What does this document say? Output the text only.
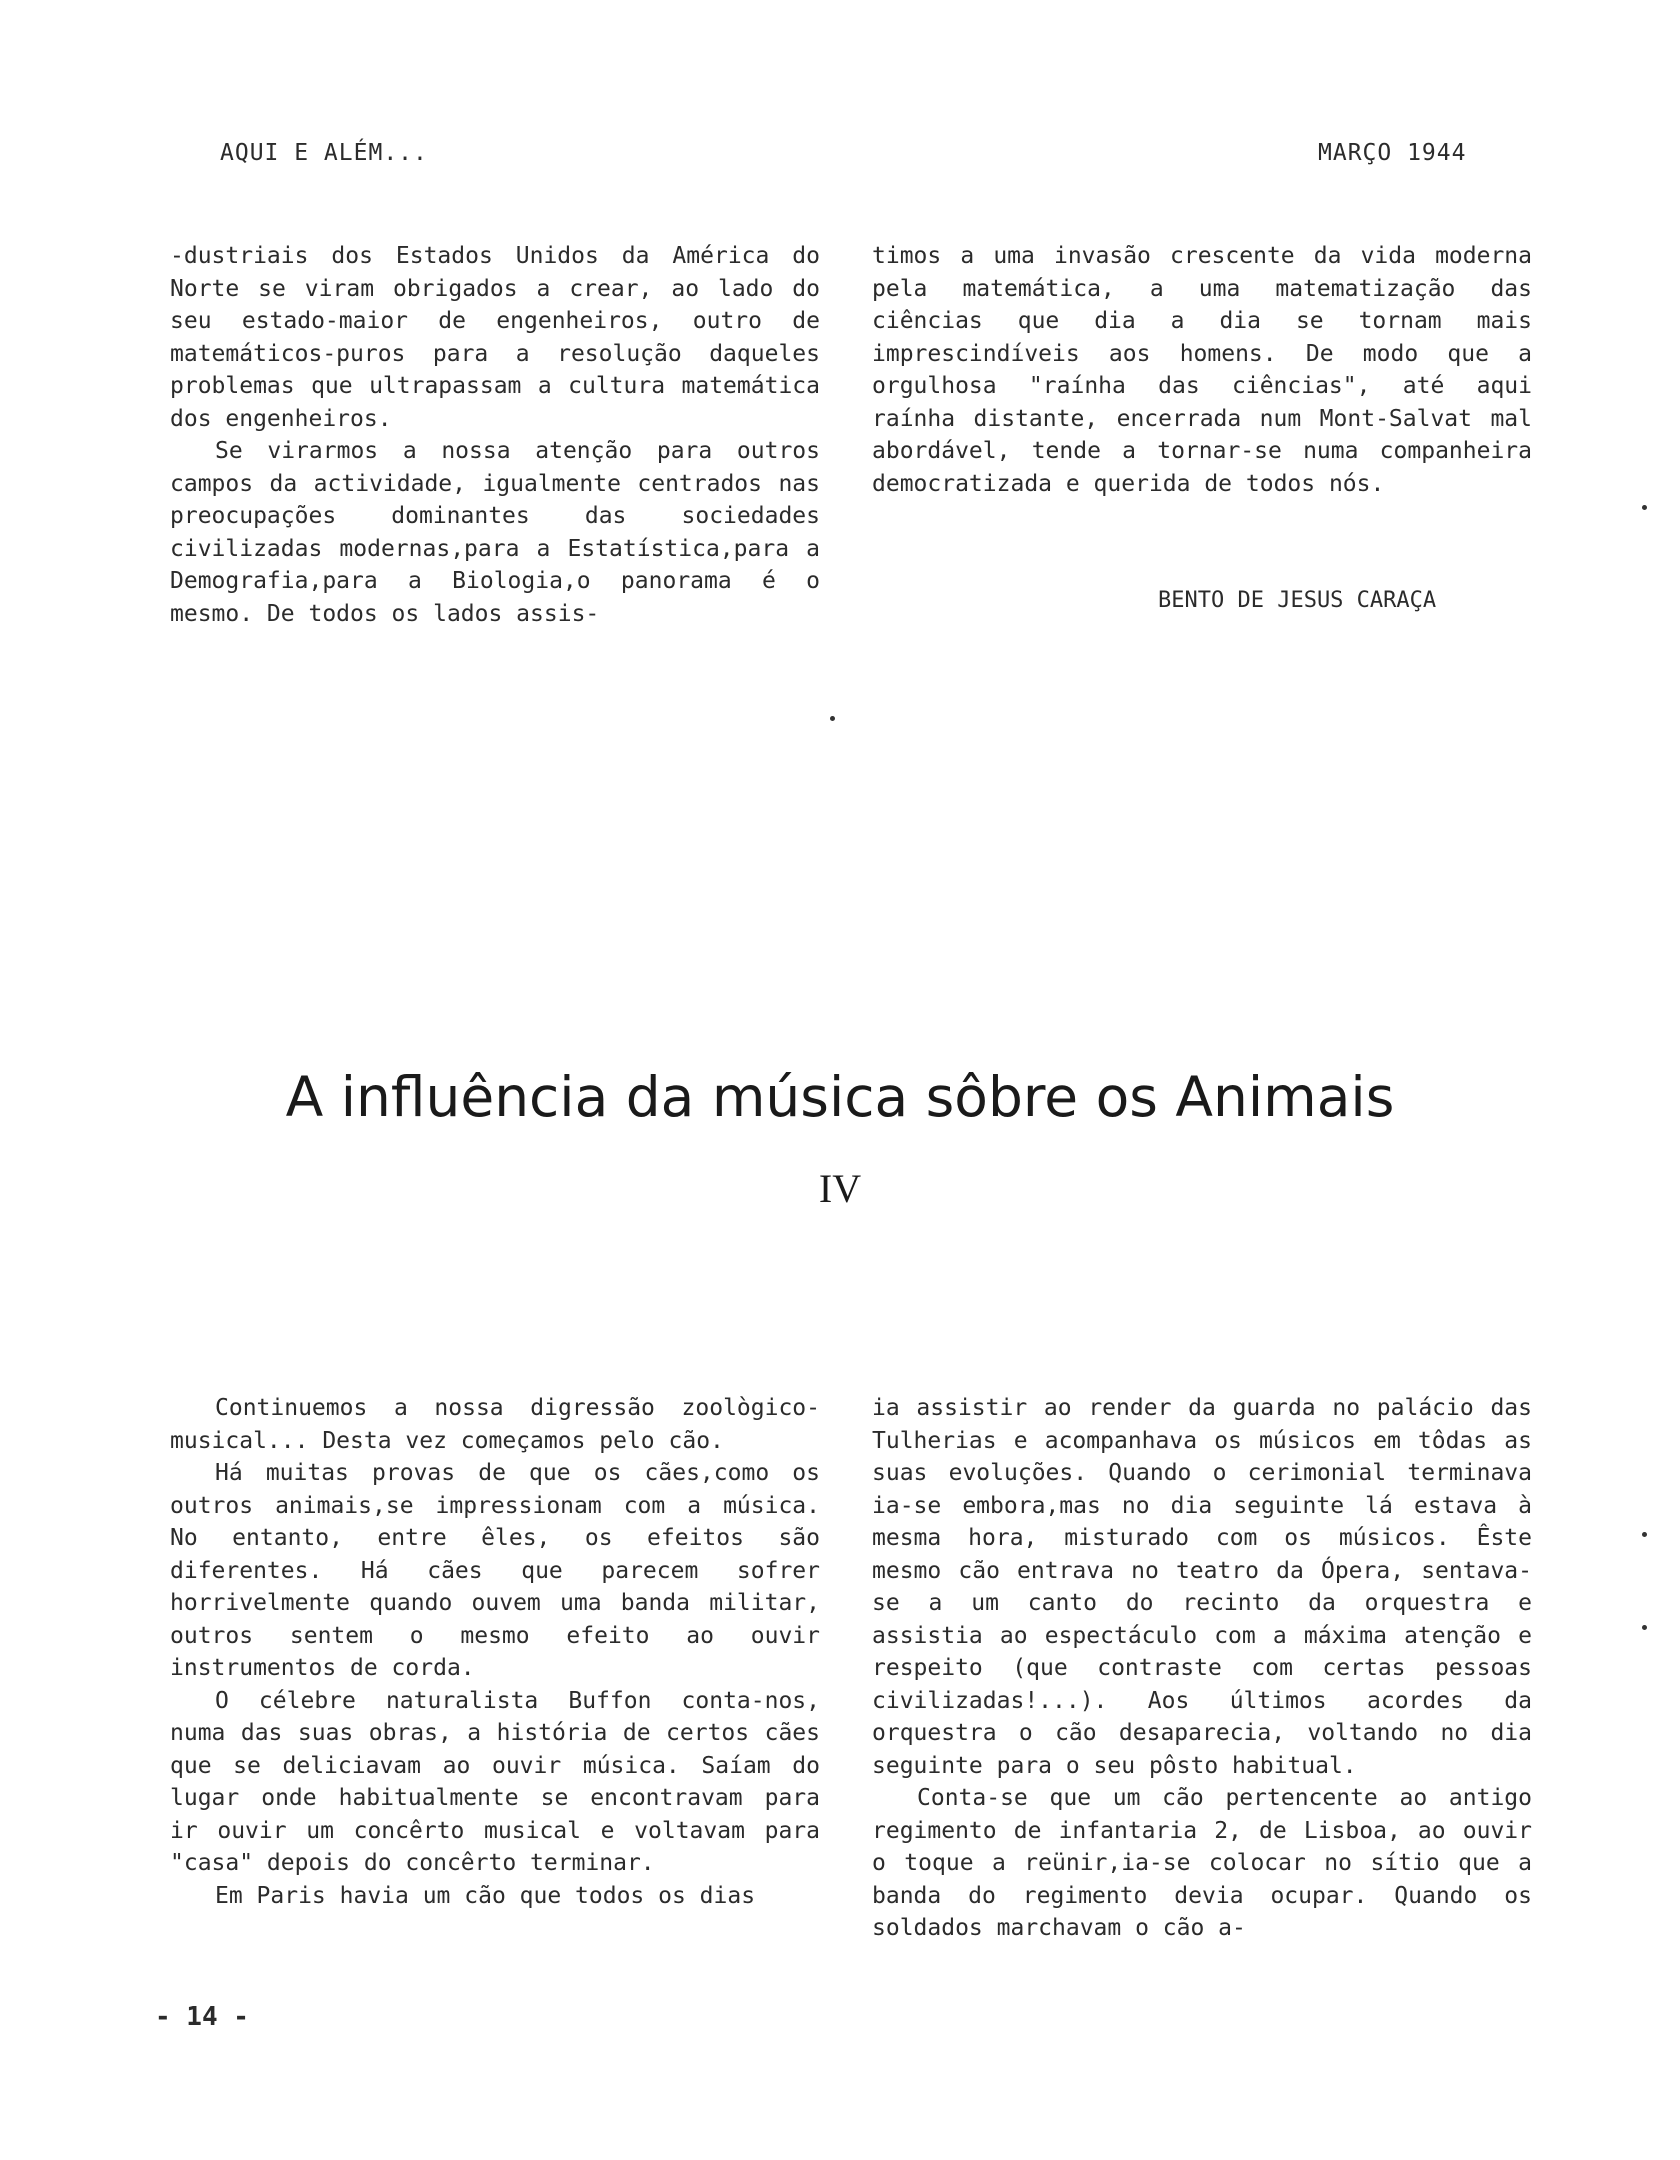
AQUI E ALÉM...	MARÇO 1944

-dustriais dos Estados Unidos da América do Norte se viram obrigados a crear, ao lado do seu estado-maior de engenheiros, outro de matemáticos-puros para a resolução daqueles problemas que ultrapassam a cultura matemática dos engenheiros.

Se virarmos a nossa atenção para outros campos da actividade, igualmente centrados nas preocupações dominantes das sociedades civilizadas modernas,para a Estatística,para a Demografia,para a Biologia,o panorama é o mesmo. De todos os lados assis-

timos a uma invasão crescente da vida moderna pela matemática, a uma matematização das ciências que dia a dia se tornam mais imprescindíveis aos homens. De modo que a orgulhosa "raínha das ciências", até aqui raínha distante, encerrada num Mont-Salvat mal abordável, tende a tornar-se numa companheira democratizada e querida de todos nós.

BENTO DE JESUS CARAÇA
A influência da música sôbre os Animais
IV

Continuemos a nossa digressão zoològico-musical... Desta vez começamos pelo cão.

Há muitas provas de que os cães,como os outros animais,se impressionam com a música. No entanto, entre êles, os efeitos são diferentes. Há cães que parecem sofrer horrivelmente quando ouvem uma banda militar, outros sentem o mesmo efeito ao ouvir instrumentos de corda.

O célebre naturalista Buffon conta-nos, numa das suas obras, a história de certos cães que se deliciavam ao ouvir música. Saíam do lugar onde habitualmente se encontravam para ir ouvir um concêrto musical e voltavam para "casa" depois do concêrto terminar.

Em Paris havia um cão que todos os dias

ia assistir ao render da guarda no palácio das Tulherias e acompanhava os músicos em tôdas as suas evoluções. Quando o cerimonial terminava ia-se embora,mas no dia seguinte lá estava à mesma hora, misturado com os músicos. Êste mesmo cão entrava no teatro da Ópera, sentava-se a um canto do recinto da orquestra e assistia ao espectáculo com a máxima atenção e respeito (que contraste com certas pessoas civilizadas!...). Aos últimos acordes da orquestra o cão desaparecia, voltando no dia seguinte para o seu pôsto habitual.

Conta-se que um cão pertencente ao antigo regimento de infantaria 2, de Lisboa, ao ouvir o toque a reünir,ia-se colocar no sítio que a banda do regimento devia ocupar. Quando os soldados marchavam o cão a-

- 14 -
